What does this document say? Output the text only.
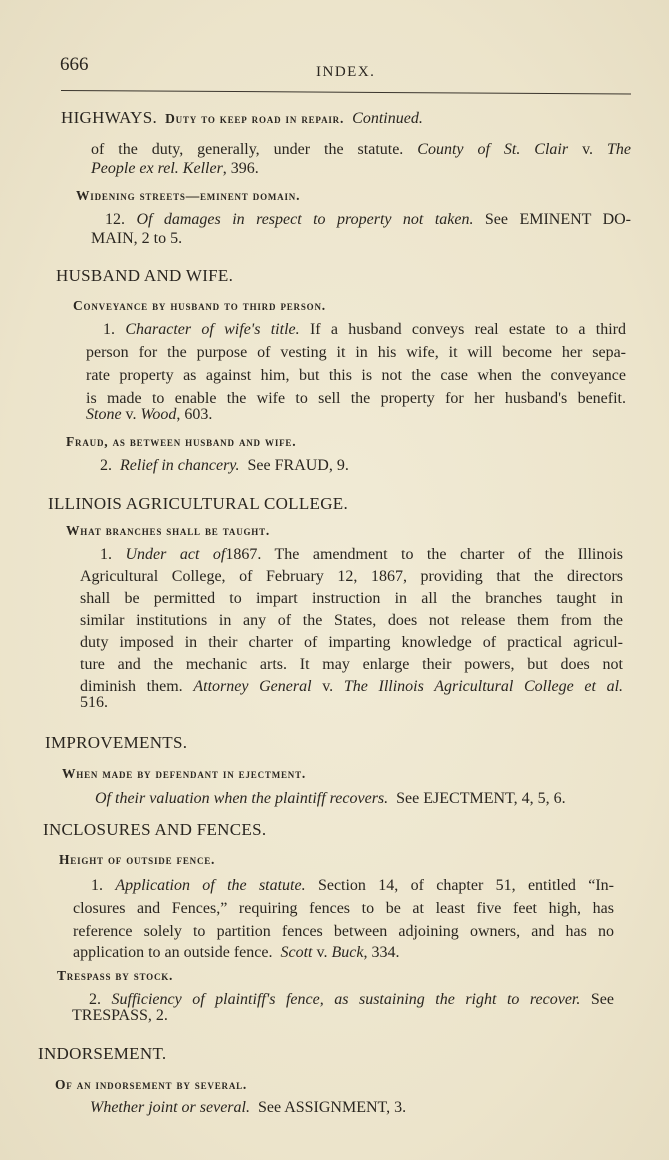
666	INDEX.
HIGHWAYS. Duty to keep road in repair. Continued.
of the duty, generally, under the statute. County of St. Clair v. The
People ex rel. Keller, 396.
Widening streets—eminent domain.
12. Of damages in respect to property not taken. See EMINENT DO-
MAIN, 2 to 5.
HUSBAND AND WIFE.
Conveyance by husband to third person.
1. Character of wife's title. If a husband conveys real estate to a third
person for the purpose of vesting it in his wife, it will become her sepa-
rate property as against him, but this is not the case when the conveyance
is made to enable the wife to sell the property for her husband's benefit.
Stone v. Wood, 603.
Fraud, as between husband and wife.
2. Relief in chancery. See FRAUD, 9.
ILLINOIS AGRICULTURAL COLLEGE.
What branches shall be taught.
1. Under act of1867. The amendment to the charter of the Illinois
Agricultural College, of February 12, 1867, providing that the directors
shall be permitted to impart instruction in all the branches taught in
similar institutions in any of the States, does not release them from the
duty imposed in their charter of imparting knowledge of practical agricul-
ture and the mechanic arts. It may enlarge their powers, but does not
diminish them. Attorney General v. The Illinois Agricultural College et al.
516.
IMPROVEMENTS.
When made by defendant in ejectment.
Of their valuation when the plaintiff recovers. See EJECTMENT, 4, 5, 6.
INCLOSURES AND FENCES.
Height of outside fence.
1. Application of the statute. Section 14, of chapter 51, entitled “In-
closures and Fences,” requiring fences to be at least five feet high, has
reference solely to partition fences between adjoining owners, and has no
application to an outside fence. Scott v. Buck, 334.
Trespass by stock.
2. Sufficiency of plaintiff's fence, as sustaining the right to recover. See
TRESPASS, 2.
INDORSEMENT.
Of an indorsement by several.
Whether joint or several. See ASSIGNMENT, 3.
